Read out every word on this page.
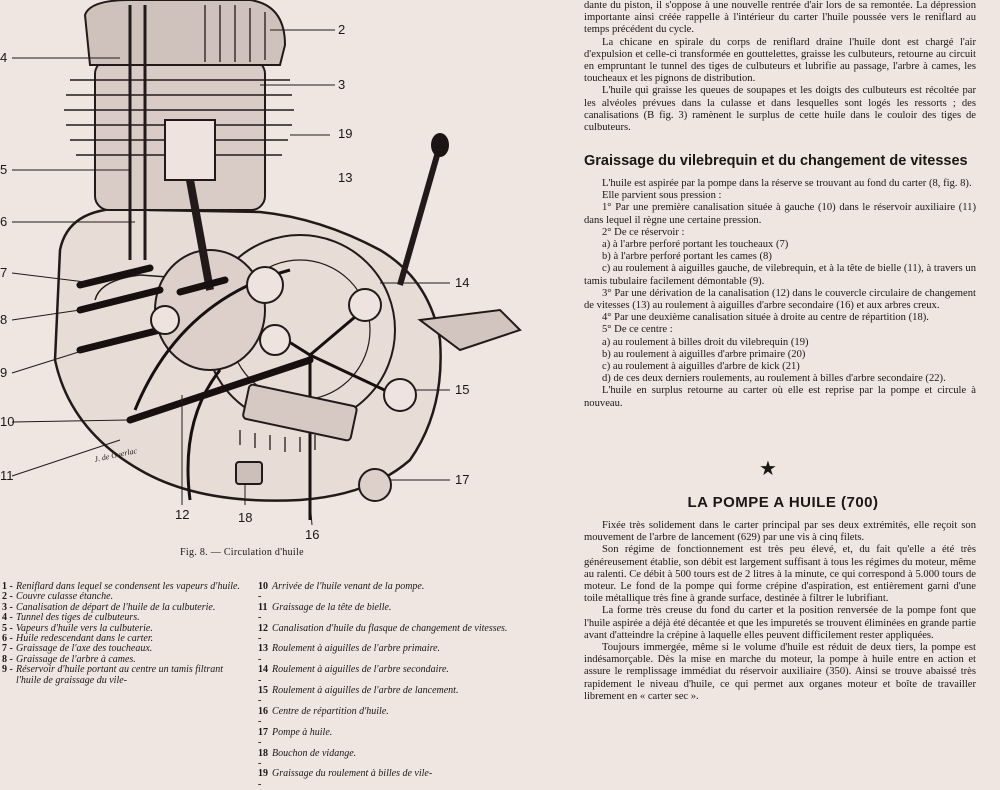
J. de Guerlac
4
2
3
19
13
5
6
7
8
9
10
11
14
15
17
12	18
16
Fig. 8. — Circulation d'huile
1 - Reniflard dans lequel se condensent les vapeurs d'huile.
2 - Couvre culasse étanche.
3 - Canalisation de départ de l'huile de la culbuterie.
4 - Tunnel des tiges de culbuteurs.
5 - Vapeurs d'huile vers la culbuterie.
6 - Huile redescendant dans le carter.
7 - Graissage de l'axe des toucheaux.
8 - Graissage de l'arbre à cames.
9 - Réservoir d'huile portant au centre un tamis filtrant l'huile de graissage du vile-
10 -
Arrivée de l'huile venant de la pompe.
11 -
Graissage de la tête de bielle.
12 -
Canalisation d'huile du flasque de changement de vitesses.
13 -
Roulement à aiguilles de l'arbre primaire.
14 -
Roulement à aiguilles de l'arbre secondaire.
15 -
Roulement à aiguilles de l'arbre de lancement.
16 -
Centre de répartition d'huile.
17 -
Pompe à huile.
18 -
Bouchon de vidange.
19 -
Graissage du roulement à billes de vile-

dante du piston, il s'oppose à une nouvelle rentrée d'air lors de sa remontée. La dépression importante ainsi créée rappelle à l'intérieur du carter l'huile poussée vers le reniflard au temps précédent du cycle.

La chicane en spirale du corps de reniflard draine l'huile dont est chargé l'air d'expulsion et celle-ci transformée en gouttelettes, graisse les culbuteurs, retourne au circuit en empruntant le tunnel des tiges de culbuteurs et lubrifie au passage, l'arbre à cames, les toucheaux et les pignons de distribution.

L'huile qui graisse les queues de soupapes et les doigts des culbuteurs est récoltée par les alvéoles prévues dans la culasse et dans lesquelles sont logés les ressorts ; des canalisations (B fig. 3) ramènent le surplus de cette huile dans le couloir des tiges de culbuteurs.

Graissage du vilebrequin et du changement de vitesses

L'huile est aspirée par la pompe dans la réserve se trouvant au fond du carter (8, fig. 8).

Elle parvient sous pression :

1° Par une première canalisation située à gauche (10) dans le réservoir auxiliaire (11) dans lequel il règne une certaine pression.

2° De ce réservoir :

a) à l'arbre perforé portant les toucheaux (7)

b) à l'arbre perforé portant les cames (8)

c) au roulement à aiguilles gauche, de vilebrequin, et à la tête de bielle (11), à travers un tamis tubulaire facilement démontable (9).

3° Par une dérivation de la canalisation (12) dans le couvercle circulaire de changement de vitesses (13) au roulement à aiguilles d'arbre secondaire (16) et aux arbres creux.

4° Par une deuxième canalisation située à droite au centre de répartition (18).

5° De ce centre :

a) au roulement à billes droit du vilebrequin (19)

b) au roulement à aiguilles d'arbre primaire (20)

c) au roulement à aiguilles d'arbre de kick (21)

d) de ces deux derniers roulements, au roulement à billes d'arbre secondaire (22).

L'huile en surplus retourne au carter où elle est reprise par la pompe et circule à nouveau.

★
LA POMPE A HUILE (700)

Fixée très solidement dans le carter principal par ses deux extrémités, elle reçoit son mouvement de l'arbre de lancement (629) par une vis à cinq filets.

Son régime de fonctionnement est très peu élevé, et, du fait qu'elle a été très généreusement établie, son débit est largement suffisant à tous les régimes du moteur, même au ralenti. Ce débit à 500 tours est de 2 litres à la minute, ce qui correspond à 5.000 tours de moteur. Le fond de la pompe qui forme crépine d'aspiration, est entièrement garni d'une toile métallique très fine à grande surface, destinée à filtrer le lubrifiant.

La forme très creuse du fond du carter et la position renversée de la pompe font que l'huile aspirée a déjà été décantée et que les impuretés se trouvent éliminées en grande partie avant d'atteindre la crépine à laquelle elles peuvent difficilement rester appliquées.

Toujours immergée, même si le volume d'huile est réduit de deux tiers, la pompe est indésamorçable. Dès la mise en marche du moteur, la pompe à huile entre en action et assure le remplissage immédiat du réservoir auxiliaire (350). Ainsi se trouve abaissé très rapidement le niveau d'huile, ce qui permet aux organes moteur et boîte de travailler librement en « carter sec ».
